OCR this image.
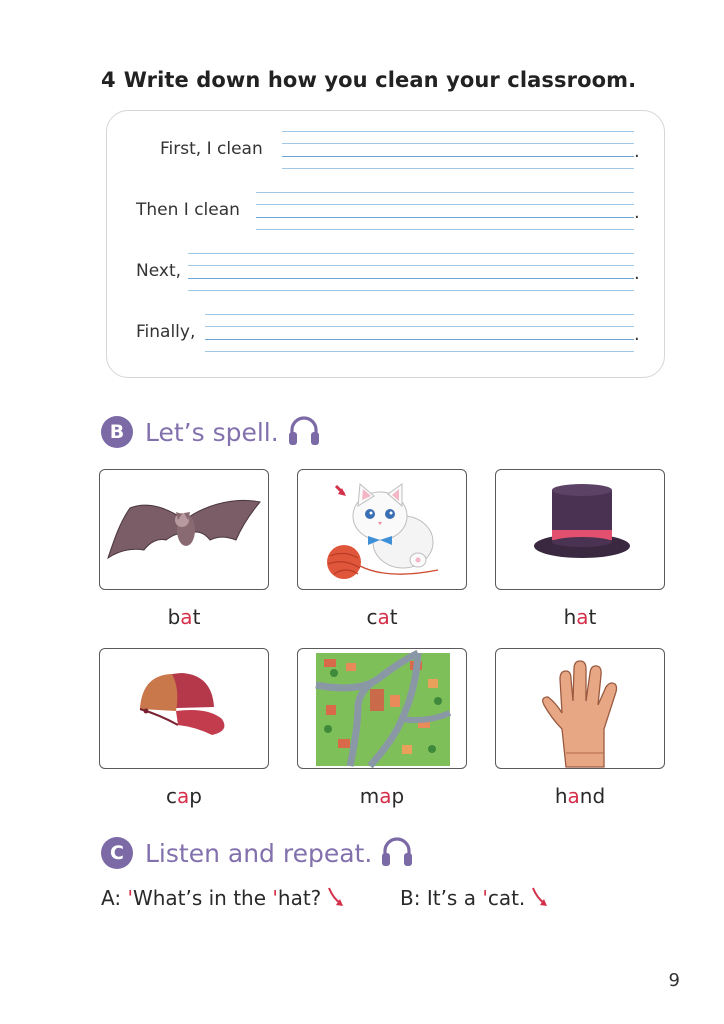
4 Write down how you clean your classroom.
First, I clean	.
Then I clean	.
Next,	.
Finally,	.
B Let’s spell.
bat	cat	hat
cap	map	hand
C Listen and repeat.
A: 'What’s in the 'hat?	B: It’s a 'cat.
9
